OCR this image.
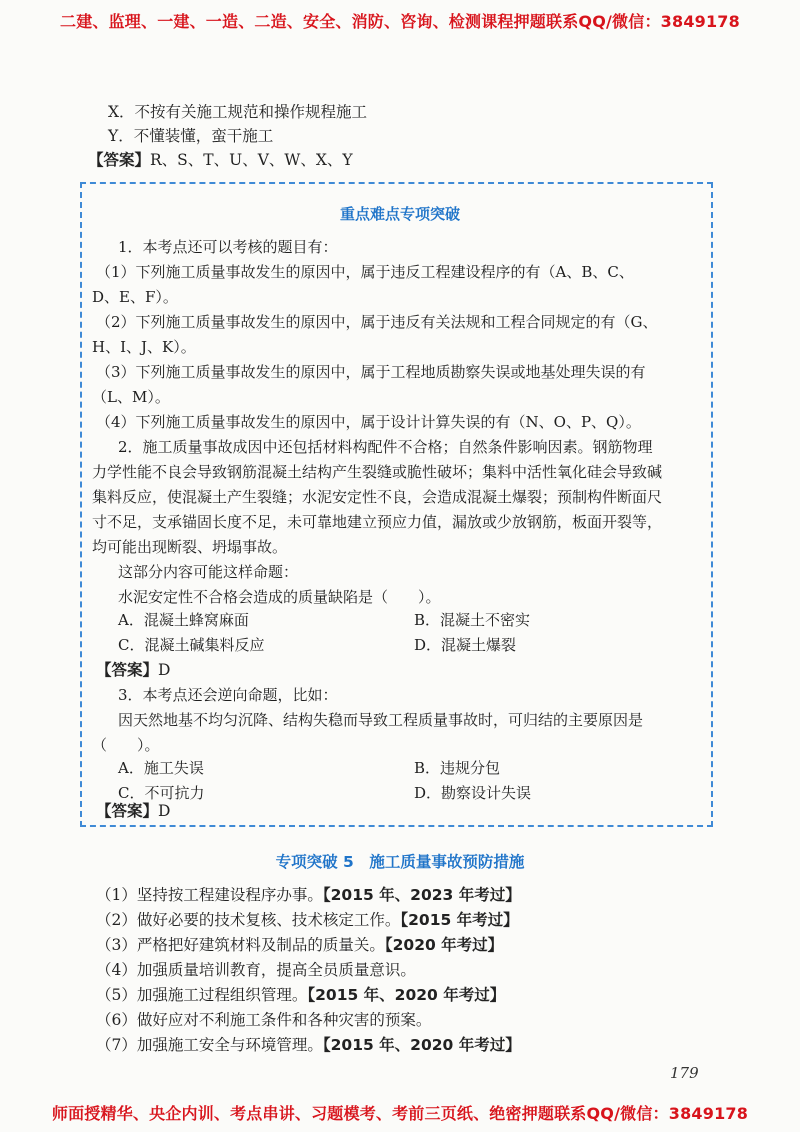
二建、监理、一建、一造、二造、安全、消防、咨询、检测课程押题联系QQ/微信：3849178
X．不按有关施工规范和操作规程施工
Y．不懂装懂，蛮干施工
【答案】R、S、T、U、V、W、X、Y
重点难点专项突破
1．本考点还可以考核的题目有：
（1）下列施工质量事故发生的原因中，属于违反工程建设程序的有（A、B、C、
D、E、F）。
（2）下列施工质量事故发生的原因中，属于违反有关法规和工程合同规定的有（G、
H、I、J、K）。
（3）下列施工质量事故发生的原因中，属于工程地质勘察失误或地基处理失误的有
（L、M）。
（4）下列施工质量事故发生的原因中，属于设计计算失误的有（N、O、P、Q）。
2．施工质量事故成因中还包括材料构配件不合格；自然条件影响因素。钢筋物理
力学性能不良会导致钢筋混凝土结构产生裂缝或脆性破坏；集料中活性氧化硅会导致碱
集料反应，使混凝土产生裂缝；水泥安定性不良，会造成混凝土爆裂；预制构件断面尺
寸不足，支承锚固长度不足，未可靠地建立预应力值，漏放或少放钢筋，板面开裂等，
均可能出现断裂、坍塌事故。
这部分内容可能这样命题：
水泥安定性不合格会造成的质量缺陷是（　　）。
A．混凝土蜂窝麻面	B．混凝土不密实
C．混凝土碱集料反应	D．混凝土爆裂
【答案】D
3．本考点还会逆向命题，比如：
因天然地基不均匀沉降、结构失稳而导致工程质量事故时，可归结的主要原因是
（　　）。
A．施工失误	B．违规分包
C．不可抗力	D．勘察设计失误
【答案】D
专项突破 5　施工质量事故预防措施
（1）坚持按工程建设程序办事。【2015 年、2023 年考过】
（2）做好必要的技术复核、技术核定工作。【2015 年考过】
（3）严格把好建筑材料及制品的质量关。【2020 年考过】
（4）加强质量培训教育，提高全员质量意识。
（5）加强施工过程组织管理。【2015 年、2020 年考过】
（6）做好应对不利施工条件和各种灾害的预案。
（7）加强施工安全与环境管理。【2015 年、2020 年考过】
179
师面授精华、央企内训、考点串讲、习题模考、考前三页纸、绝密押题联系QQ/微信：3849178
